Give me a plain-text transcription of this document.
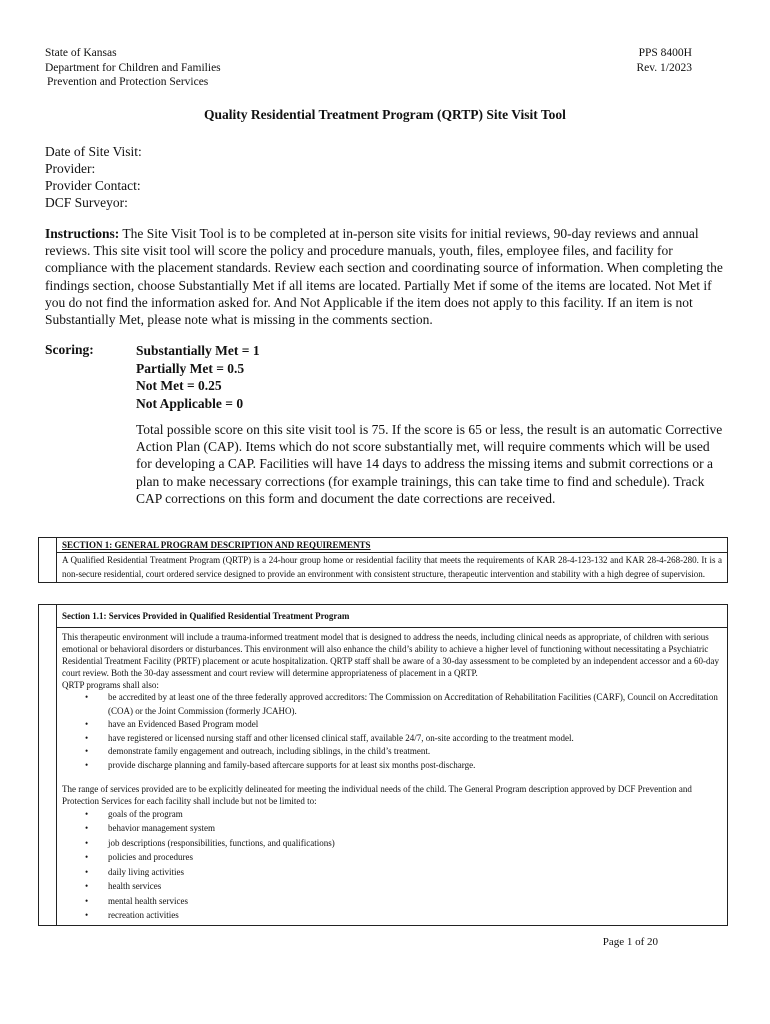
State of Kansas
Department for Children and Families
Prevention and Protection Services
PPS 8400H
Rev. 1/2023
Quality Residential Treatment Program (QRTP) Site Visit Tool
Date of Site Visit:
Provider:
Provider Contact:
DCF Surveyor:
Instructions: The Site Visit Tool is to be completed at in-person site visits for initial reviews, 90-day reviews and annual reviews. This site visit tool will score the policy and procedure manuals, youth, files, employee files, and facility for compliance with the placement standards. Review each section and coordinating source of information. When completing the findings section, choose Substantially Met if all items are located. Partially Met if some of the items are located. Not Met if you do not find the information asked for. And Not Applicable if the item does not apply to this facility. If an item is not Substantially Met, please note what is missing in the comments section.
Scoring:	Substantially Met = 1
Partially Met = 0.5
Not Met = 0.25
Not Applicable = 0
Total possible score on this site visit tool is 75. If the score is 65 or less, the result is an automatic Corrective Action Plan (CAP). Items which do not score substantially met, will require comments which will be used for developing a CAP. Facilities will have 14 days to address the missing items and submit corrections or a plan to make necessary corrections (for example trainings, this can take time to find and schedule). Track CAP corrections on this form and document the date corrections are received.
	SECTION 1: GENERAL PROGRAM DESCRIPTION AND REQUIREMENTS
A Qualified Residential Treatment Program (QRTP) is a 24-hour group home or residential facility that meets the requirements of KAR 28-4-123-132 and KAR 28-4-268-280. It is a non-secure residential, court ordered service designed to provide an environment with consistent structure, therapeutic intervention and stability with a high degree of supervision.
	Section 1.1: Services Provided in Qualified Residential Treatment Program

This therapeutic environment will include a trauma-informed treatment model that is designed to address the needs, including clinical needs as appropriate, of children with serious emotional or behavioral disorders or disturbances. This environment will also enhance the child’s ability to achieve a higher level of functioning without necessitating a Psychiatric Residential Treatment Facility (PRTF) placement or acute hospitalization. QRTP staff shall be aware of a 30-day assessment to be completed by an independent accessor and a 60-day court review. Both the 30-day assessment and court review will determine appropriateness of placement in a QRTP.
QRTP programs shall also:
• be accredited by at least one of the three federally approved accreditors: The Commission on Accreditation of Rehabilitation Facilities (CARF), Council on Accreditation (COA) or the Joint Commission (formerly JCAHO).
• have an Evidenced Based Program model
• have registered or licensed nursing staff and other licensed clinical staff, available 24/7, on-site according to the treatment model.
• demonstrate family engagement and outreach, including siblings, in the child’s treatment.
• provide discharge planning and family-based aftercare supports for at least six months post-discharge.
The range of services provided are to be explicitly delineated for meeting the individual needs of the child. The General Program description approved by DCF Prevention and Protection Services for each facility shall include but not be limited to:
• goals of the program
• behavior management system
• job descriptions (responsibilities, functions, and qualifications)
• policies and procedures
• daily living activities
• health services
• mental health services
• recreation activities
Page 1 of 20
